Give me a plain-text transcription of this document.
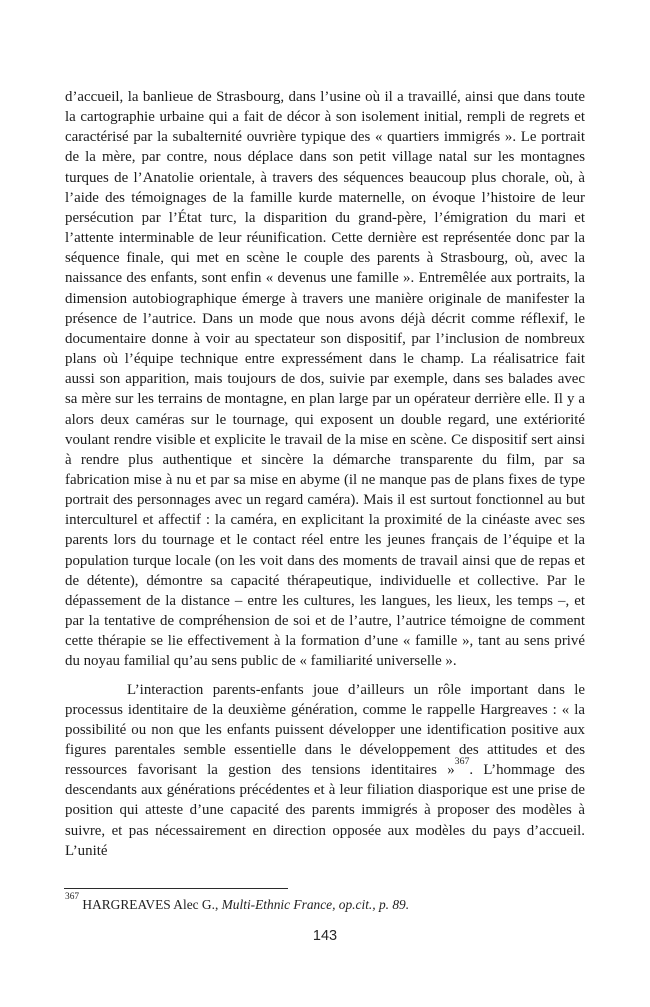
d’accueil, la banlieue de Strasbourg, dans l’usine où il a travaillé, ainsi que dans toute la cartographie urbaine qui a fait de décor à son isolement initial, rempli de regrets et caractérisé par la subalternité ouvrière typique des « quartiers immigrés ». Le portrait de la mère, par contre, nous déplace dans son petit village natal sur les montagnes turques de l’Anatolie orientale, à travers des séquences beaucoup plus chorale, où, à l’aide des témoignages de la famille kurde maternelle, on évoque l’histoire de leur persécution par l’État turc, la disparition du grand-père, l’émigration du mari et l’attente interminable de leur réunification. Cette dernière est représentée donc par la séquence finale, qui met en scène le couple des parents à Strasbourg, où, avec la naissance des enfants, sont enfin « devenus une famille ». Entremêlée aux portraits, la dimension autobiographique émerge à travers une manière originale de manifester la présence de l’autrice. Dans un mode que nous avons déjà décrit comme réflexif, le documentaire donne à voir au spectateur son dispositif, par l’inclusion de nombreux plans où l’équipe technique entre expressément dans le champ. La réalisatrice fait aussi son apparition, mais toujours de dos, suivie par exemple, dans ses balades avec sa mère sur les terrains de montagne, en plan large par un opérateur derrière elle. Il y a alors deux caméras sur le tournage, qui exposent un double regard, une extériorité voulant rendre visible et explicite le travail de la mise en scène. Ce dispositif sert ainsi à rendre plus authentique et sincère la démarche transparente du film, par sa fabrication mise à nu et par sa mise en abyme (il ne manque pas de plans fixes de type portrait des personnages avec un regard caméra). Mais il est surtout fonctionnel au but interculturel et affectif : la caméra, en explicitant la proximité de la cinéaste avec ses parents lors du tournage et le contact réel entre les jeunes français de l’équipe et la population turque locale (on les voit dans des moments de travail ainsi que de repas et de détente), démontre sa capacité thérapeutique, individuelle et collective. Par le dépassement de la distance – entre les cultures, les langues, les lieux, les temps –, et par la tentative de compréhension de soi et de l’autre, l’autrice témoigne de comment cette thérapie se lie effectivement à la formation d’une « famille », tant au sens privé du noyau familial qu’au sens public de « familiarité universelle ».

L’interaction parents-enfants joue d’ailleurs un rôle important dans le processus identitaire de la deuxième génération, comme le rappelle Hargreaves : « la possibilité ou non que les enfants puissent développer une identification positive aux figures parentales semble essentielle dans le développement des attitudes et des ressources favorisant la gestion des tensions identitaires »$^{367}$. L’hommage des descendants aux générations précédentes et à leur filiation diasporique est une prise de position qui atteste d’une capacité des parents immigrés à proposer des modèles à suivre, et pas nécessairement en direction opposée aux modèles du pays d’accueil. L’unité

$^{367}$ HARGREAVES Alec G., Multi-Ethnic France, op.cit., p. 89.
143
